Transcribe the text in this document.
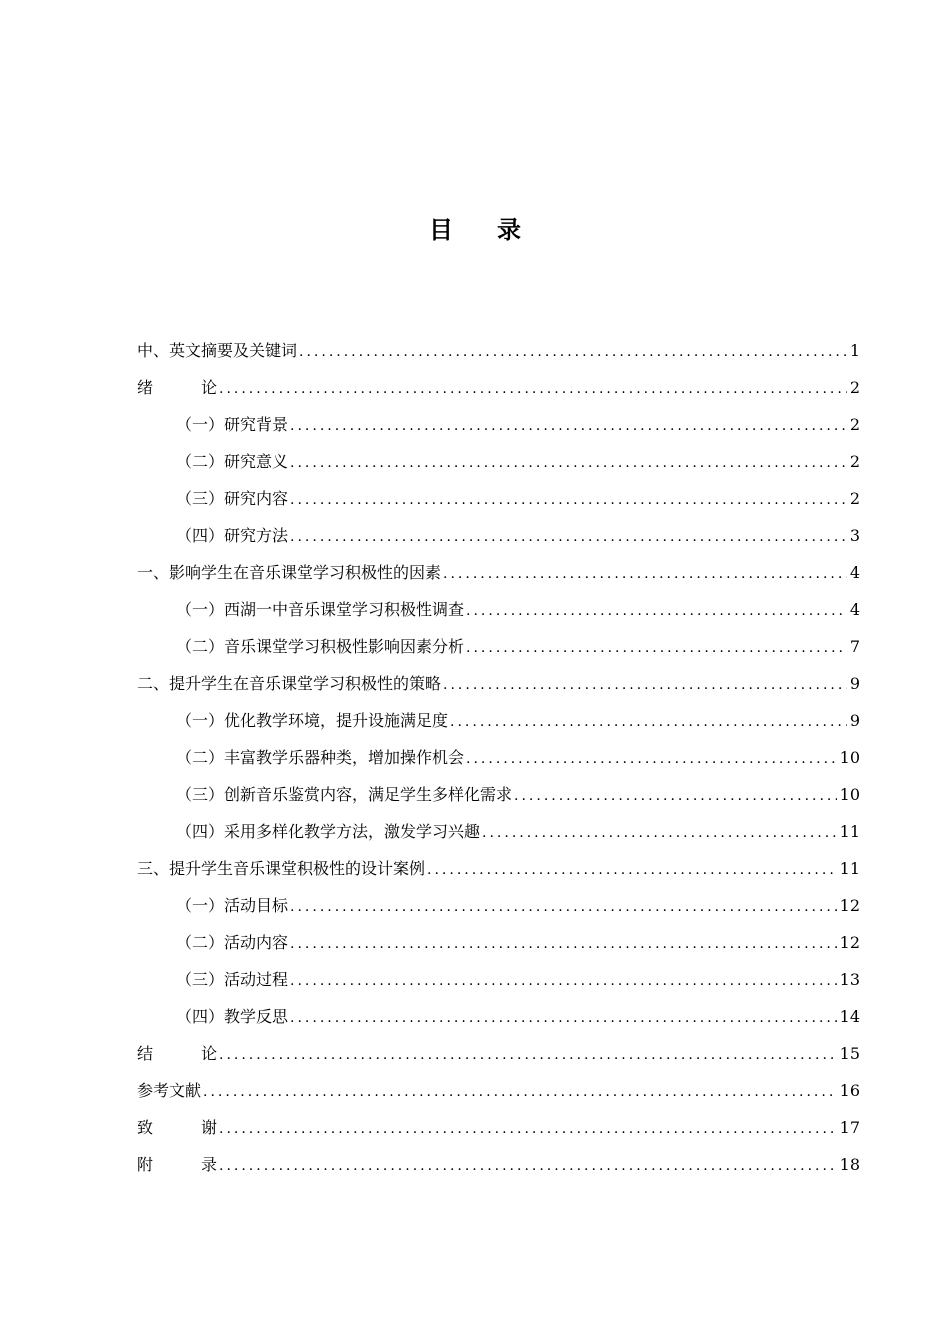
目 录
中、英文摘要及关键词 .....	1
绪	论 .....	2
（一）研究背景 .....	2
（二）研究意义 .....	2
（三）研究内容 .....	2
（四）研究方法 .....	3
一、影响学生在音乐课堂学习积极性的因素 .....	4
（一）西湖一中音乐课堂学习积极性调查 .....	4
（二）音乐课堂学习积极性影响因素分析 .....	7
二、提升学生在音乐课堂学习积极性的策略 .....	9
（一）优化教学环境，提升设施满足度 .....	9
（二）丰富教学乐器种类，增加操作机会 .....	10
（三）创新音乐鉴赏内容，满足学生多样化需求 .....	10
（四）采用多样化教学方法，激发学习兴趣 .....	11
三、提升学生音乐课堂积极性的设计案例 .....	11
（一）活动目标 .....	12
（二）活动内容 .....	12
（三）活动过程 .....	13
（四）教学反思 .....	14
结	论 .....	15
参考文献 .....	16
致	谢 .....	17
附	录 .....	18
